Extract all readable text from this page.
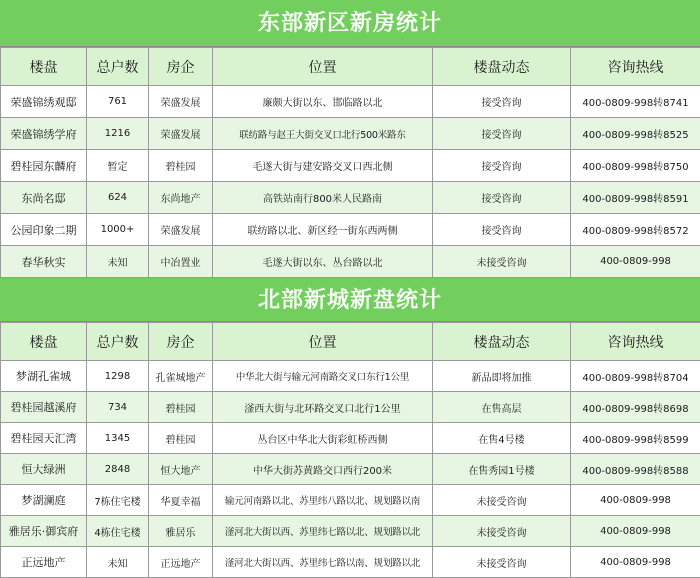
东部新区新房统计
楼盘	总户数	房企	位置	楼盘动态	咨询热线
荣盛锦绣观邸	761	荣盛发展	廉颇大街以东、邯临路以北	接受咨询	400-0809-998转8741
荣盛锦绣学府	1216	荣盛发展	联纺路与赵王大街交叉口北行500米路东	接受咨询	400-0809-998转8525
碧桂园东麟府	暂定	碧桂园	毛遂大街与建安路交叉口西北侧	接受咨询	400-0809-998转8750
东尚名邸	624	东尚地产	高铁站南行800米人民路南	接受咨询	400-0809-998转8591
公园印象二期	1000+	荣盛发展	联纺路以北、新区经一街东西两侧	接受咨询	400-0809-998转8572
春华秋实	未知	中冶置业	毛遂大街以东、丛台路以北	未接受咨询	400-0809-998
北部新城新盘统计
楼盘	总户数	房企	位置	楼盘动态	咨询热线
梦湖孔雀城	1298	孔雀城地产	中华北大街与输元河南路交叉口东行1公里	新品即将加推	400-0809-998转8704
碧桂园越溪府	734	碧桂园	滏西大街与北环路交叉口北行1公里	在售高层	400-0809-998转8698
碧桂园天汇湾	1345	碧桂园	丛台区中华北大街彩虹桥西侧	在售4号楼	400-0809-998转8599
恒大绿洲	2848	恒大地产	中华大街苏黄路交口西行200米	在售秀园1号楼	400-0809-998转8588
梦湖澜庭	7栋住宅楼	华夏幸福	输元河南路以北、苏里纬八路以北、规划路以南	未接受咨询	400-0809-998
雅居乐·御宾府	4栋住宅楼	雅居乐	滏河北大街以西、苏里纬七路以北、规划路以北	未接受咨询	400-0809-998
正远地产	未知	正远地产	滏河北大街以西、苏里纬七路以南、规划路以北	未接受咨询	400-0809-998
